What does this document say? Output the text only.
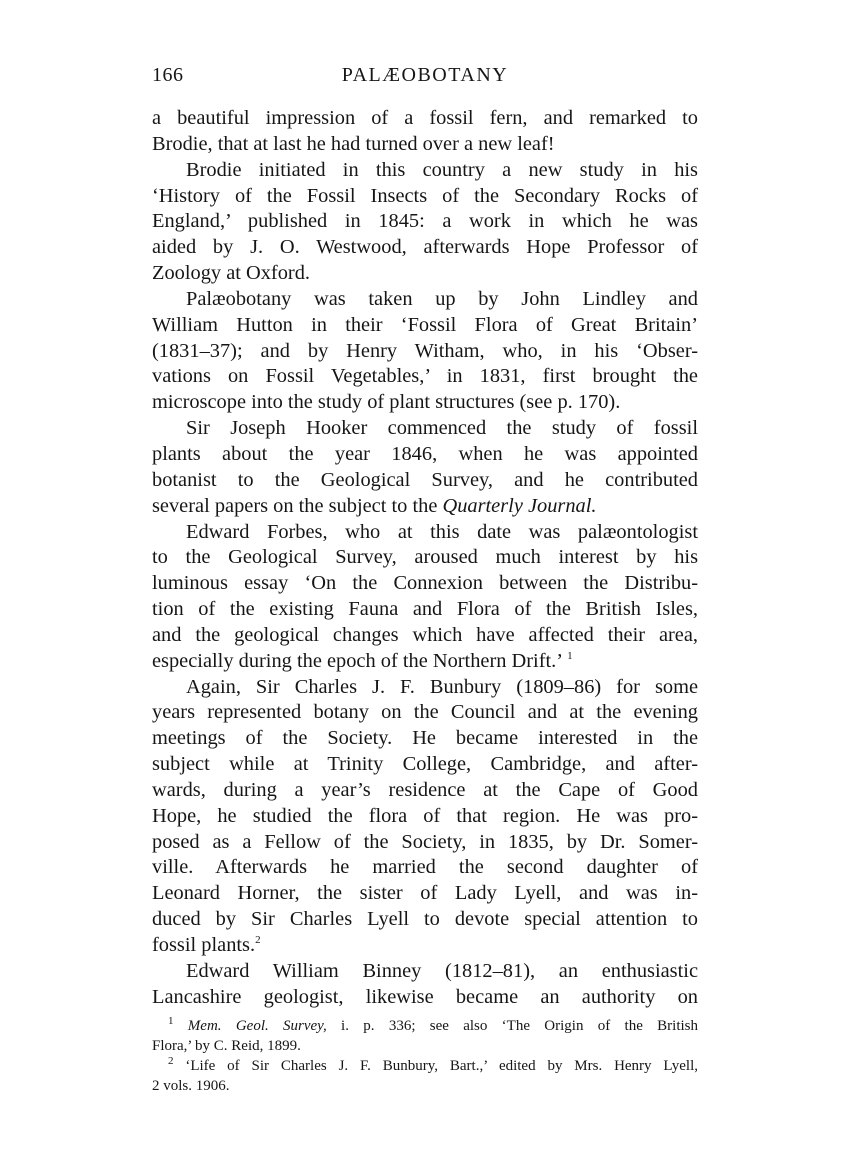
166	PALÆOBOTANY

a beautiful impression of a fossil fern, and remarked to
Brodie, that at last he had turned over a new leaf!

Brodie initiated in this country a new study in his
‘History of the Fossil Insects of the Secondary Rocks of
England,’ published in 1845: a work in which he was
aided by J. O. Westwood, afterwards Hope Professor of
Zoology at Oxford.

Palæobotany was taken up by John Lindley and
William Hutton in their ‘Fossil Flora of Great Britain’
(1831–37); and by Henry Witham, who, in his ‘Obser-
vations on Fossil Vegetables,’ in 1831, first brought the
microscope into the study of plant structures (see p. 170).

Sir Joseph Hooker commenced the study of fossil
plants about the year 1846, when he was appointed
botanist to the Geological Survey, and he contributed
several papers on the subject to the Quarterly Journal.

Edward Forbes, who at this date was palæontologist
to the Geological Survey, aroused much interest by his
luminous essay ‘On the Connexion between the Distribu-
tion of the existing Fauna and Flora of the British Isles,
and the geological changes which have affected their area,
especially during the epoch of the Northern Drift.’  $^1$

Again, Sir Charles J. F. Bunbury (1809–86) for some
years represented botany on the Council and at the evening
meetings of the Society. He became interested in the
subject while at Trinity College, Cambridge, and after-
wards, during a year’s residence at the Cape of Good
Hope, he studied the flora of that region. He was pro-
posed as a Fellow of the Society, in 1835, by Dr. Somer-
ville. Afterwards he married the second daughter of
Leonard Horner, the sister of Lady Lyell, and was in-
duced by Sir Charles Lyell to devote special attention to
fossil plants.$^2$

Edward William Binney (1812–81), an enthusiastic
Lancashire geologist, likewise became an authority on

$^1$ Mem. Geol. Survey, i. p. 336; see also ‘The Origin of the British
Flora,’ by C. Reid, 1899.
$^2$ ‘Life of Sir Charles J. F. Bunbury, Bart.,’ edited by Mrs. Henry Lyell,
2 vols. 1906.
